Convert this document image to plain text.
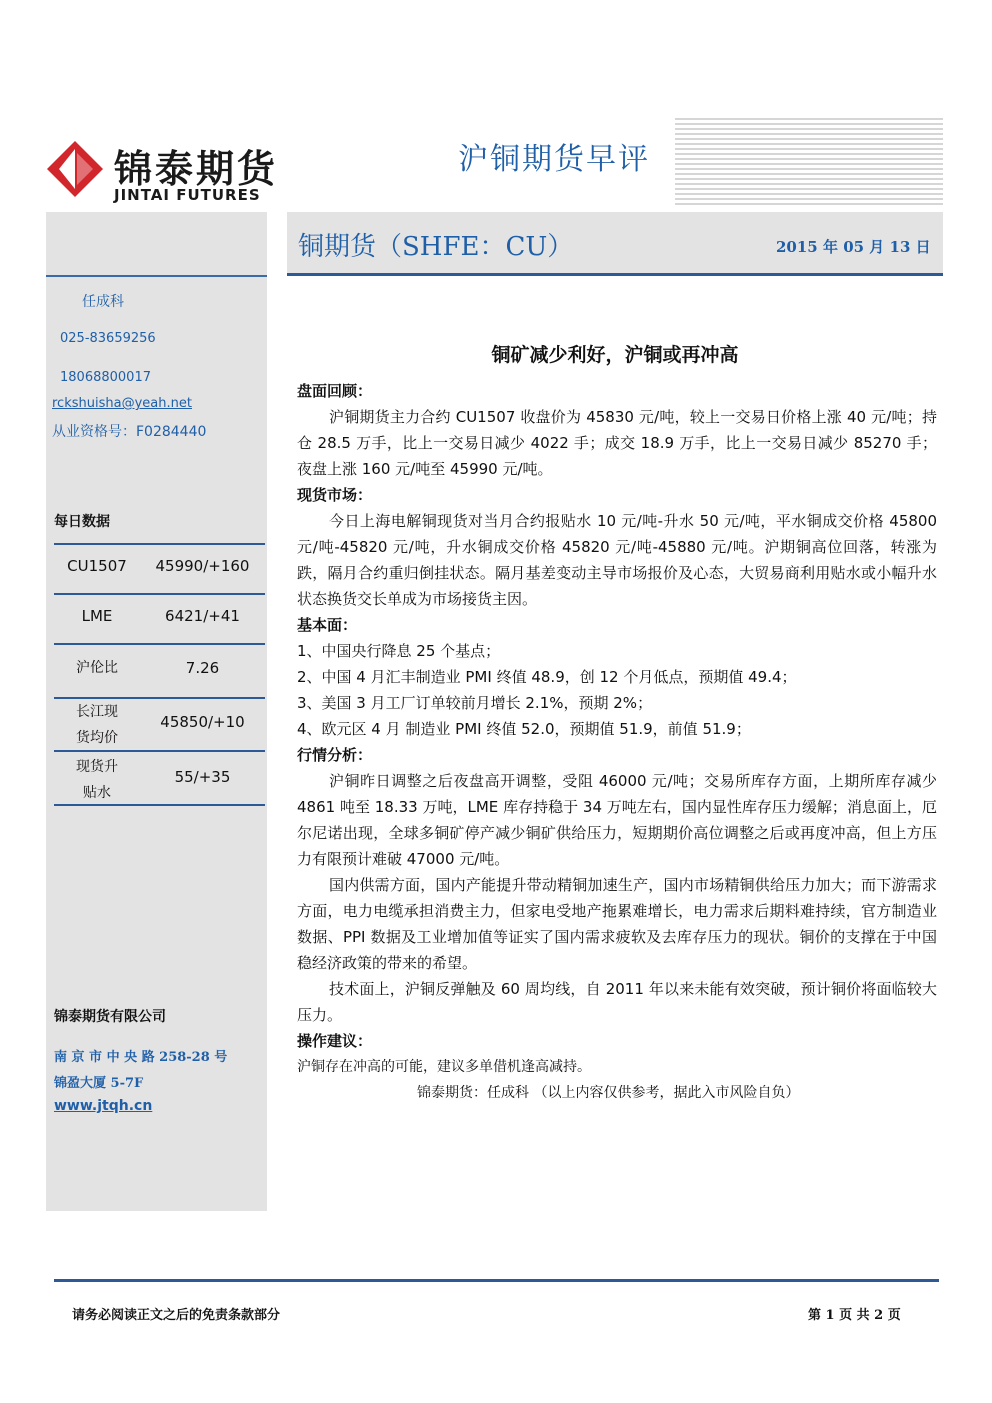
锦泰期货
JINTAI FUTURES
沪铜期货早评
铜期货（SHFE：CU）	2015 年 05 月 13 日
任成科
025-83659256
18068800017
rckshuisha@yeah.net
从业资格号：F0284440
每日数据
CU1507	45990/+160
LME	6421/+41
沪伦比	7.26
长江现
货均价
45850/+10
现货升
贴水
55/+35
锦泰期货有限公司
南 京 市 中 央 路 258-28 号
锦盈大厦 5-7F
www.jtqh.cn
铜矿减少利好，沪铜或再冲高
盘面回顾：

沪铜期货主力合约 CU1507 收盘价为 45830 元/吨，较上一交易日价格上涨 40 元/吨；持仓 28.5 万手，比上一交易日减少 4022 手；成交 18.9 万手，比上一交易日减少 85270 手；夜盘上涨 160 元/吨至 45990 元/吨。

现货市场：

今日上海电解铜现货对当月合约报贴水 10 元/吨-升水 50 元/吨，平水铜成交价格 45800 元/吨-45820 元/吨，升水铜成交价格 45820 元/吨-45880 元/吨。沪期铜高位回落，转涨为跌，隔月合约重归倒挂状态。隔月基差变动主导市场报价及心态，大贸易商利用贴水或小幅升水状态换货交长单成为市场接货主因。

基本面：

1、中国央行降息 25 个基点；

2、中国 4 月汇丰制造业 PMI 终值 48.9，创 12 个月低点，预期值 49.4；

3、美国 3 月工厂订单较前月增长 2.1%，预期 2%；

4、欧元区 4 月 制造业 PMI 终值 52.0，预期值 51.9，前值 51.9；

行情分析：

沪铜昨日调整之后夜盘高开调整，受阻 46000 元/吨；交易所库存方面，上期所库存减少 4861 吨至 18.33 万吨，LME 库存持稳于 34 万吨左右，国内显性库存压力缓解；消息面上，厄尔尼诺出现，全球多铜矿停产减少铜矿供给压力，短期期价高位调整之后或再度冲高，但上方压力有限预计难破 47000 元/吨。

国内供需方面，国内产能提升带动精铜加速生产，国内市场精铜供给压力加大；而下游需求方面，电力电缆承担消费主力，但家电受地产拖累难增长，电力需求后期料难持续，官方制造业数据、PPI 数据及工业增加值等证实了国内需求疲软及去库存压力的现状。铜价的支撑在于中国稳经济政策的带来的希望。

技术面上，沪铜反弹触及 60 周均线，自 2011 年以来未能有效突破，预计铜价将面临较大压力。

操作建议：

沪铜存在冲高的可能，建议多单借机逢高减持。

锦泰期货：任成科 （以上内容仅供参考，据此入市风险自负）

请务必阅读正文之后的免责条款部分	第 1 页 共 2 页
